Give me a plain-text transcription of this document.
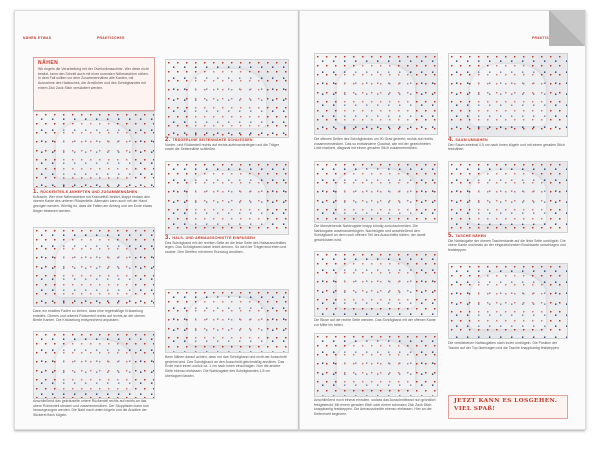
NÄHEN ETWAS	PRAKTISCHES
NÄHEN
Wir ringeln die Verarbeitung mit der Overlockmaschine. Wer diese nicht besitzt, kann den Schnitt auch mit einer normalen Nähmaschine nähen. In dem Fall sollten vor dem Zusammennähen alle Kanten, mit Ausnahme des Halsloches, der Armlöcher und des Schrägbandes mit einem Zick Zack Stich versäubert werden.
1. RÜCKENTEILE ANHEFTEN UND ZUSAMMENNÄHEN
Kräuseln. Wer eine Nähmaschine mit Kräuselfuß besitzt, klappt einfach den oberen Kante des unteren Rückenteils. Alternativ kann auch mit der Hand gezogen werden. Wichtig ist, dass die Falten am Anfang und am Ende etwas länger belassen werden.
Dann ein exaktes Faden so ziehen, dass eine regelmäßige Kräuselung entsteht. Oberes und unteres Rückenteil rechts auf rechts an der oberen Breite Kanten. Die Kräuselung entsprechend anpassen.
Anschließend das gekräuselte untere Rückenteil rechts auf rechts an das obere Rückenteil stecken und zusammennähen. Der Stoppfaden kann nun herausgezogen werden. Die Naht nach unten bügeln und die Ansätze der Stickerei flach bügeln.
2. TRÄGERLINE SEITENNÄHTE SCHLIESSEN
Vorder- und Rückenteil rechts auf rechts aufeinanderlegen und die Träger sowie die Seitennähte schließen.
3. HALS- UND ARMAUSSCHNITTE EINFASSEN
Das Schrägband mit der rechten Seite an die linke Seite des Halsausschnittes legen. Das Schrägband dabei leicht dehnen. So wird der Trägerrand eben und sauber. Den Streifen mit einem Rundzug annähen.
Beim Nähen darauf achten, dass nur das Schrägband und nicht der Ausschnitt gedehnt wird. Das Schrägband an den Ausschnitt gleichmäßig annähen. Das Ende nach innen zurück ca. 1 cm nach innen einschlagen. Nun die andere Seite ebenso einfassen. Die Nahtzugabe des Schrägbandes 1,5 cm überlappen lassen.
PRAKTISCHES
Die offenen Seiten des Schrägbandes um 90 Grad gedreht, rechts auf rechts zusammenstecken. Das so entstandene Quadrat, wie mit der gezeichneten Linie markiert, diagonal mit einem geraden Stich zusammennähen.
Die überstehende Nahtzugabe knapp bündig zurückschneiden. Die Nahtzugabe auseinanderbügeln. Nachbügeln und anschließend den Schrägband an dem noch offenen Teil des Ausschnitts nähen, der damit geschlossen wird.
Die Bluse auf die rechte Seite wenden. Das Schrägband mit der offenen Kante zur Mitte hin falten.
Anschließend noch einmal einrollen, sodass das Ausschnittband nun gründlich festgesteckt. Mit einem geraden Stich oder einem schmalen Zick Zack Stich knappkantig feststeppen. Die Armausschnitte ebenso einfassen. Hier an der Seitennaht beginnen.
4. SAUM UMNÄHEN
Den Saum zweimal 0,5 cm nach innen bügeln und mit einem geraden Stich festnähen.
5. TASCHE NÄHEN
Die Nahtzugabe der oberen Taschenkante auf die linke Seite umbügeln. Die obere Kante nochmals an der eingezeichneten Bruchkante umschlagen und feststeppen.
Die verbliebenen Nahtzugaben nach innen umbügeln. Die Position der Tasche auf der Top übertragen und die Tasche knappkantig feststeppen.
JETZT KANN ES LOSGEHEN.
VIEL SPAß!
